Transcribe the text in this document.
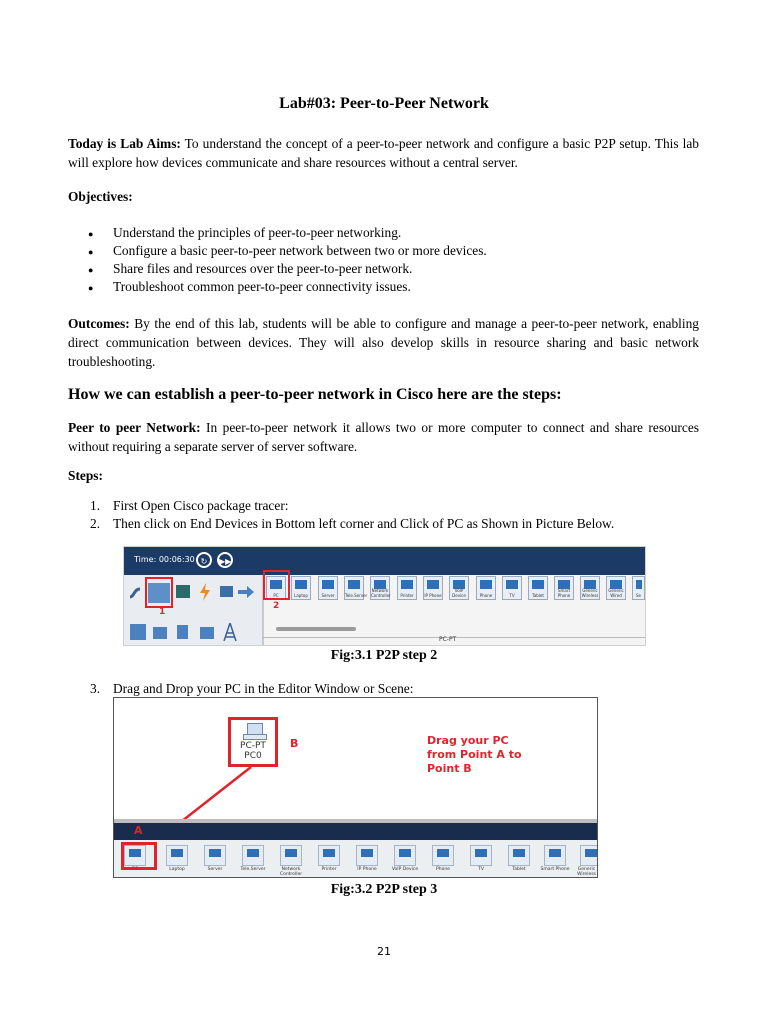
Lab#03: Peer-to-Peer Network

Today is Lab Aims: To understand the concept of a peer-to-peer network and configure a basic P2P setup. This lab will explore how devices communicate and share resources without a central server.

Objectives:

● Understand the principles of peer-to-peer networking.
● Configure a basic peer-to-peer network between two or more devices.
● Share files and resources over the peer-to-peer network.
● Troubleshoot common peer-to-peer connectivity issues.

Outcomes: By the end of this lab, students will be able to configure and manage a peer-to-peer network, enabling direct communication between devices. They will also develop skills in resource sharing and basic network troubleshooting.

How we can establish a peer-to-peer network in Cisco here are the steps:

Peer to peer Network: In peer-to-peer network it allows two or more computer to connect and share resources without requiring a separate server of server software.

Steps:

1. First Open Cisco package tracer:
2. Then click on End Devices in Bottom left corner and Click of PC as Shown in Picture Below.
Time: 00:06:30 ↻	▶▶
1
PC	Laptop	Server	Tele.Server
Network Controller	Printer	IP Phone
VoIP Device	Phone	TV	Tablet
Smart Phone
Generic Wireless
Generic Wired	Se
2
PC-PT
Fig:3.1 P2P step 2
3. Drag and Drop your PC in the Editor Window or Scene:
PC-PT
PC0
B	Drag your PC
from Point A to
Point B
A
PC	Laptop	Server	Tele.Server	Network Controller
Printer	IP Phone	VoIP Device	Phone	TV	Tablet	Smart Phone	Generic Wireless
Fig:3.2 P2P step 3
21
